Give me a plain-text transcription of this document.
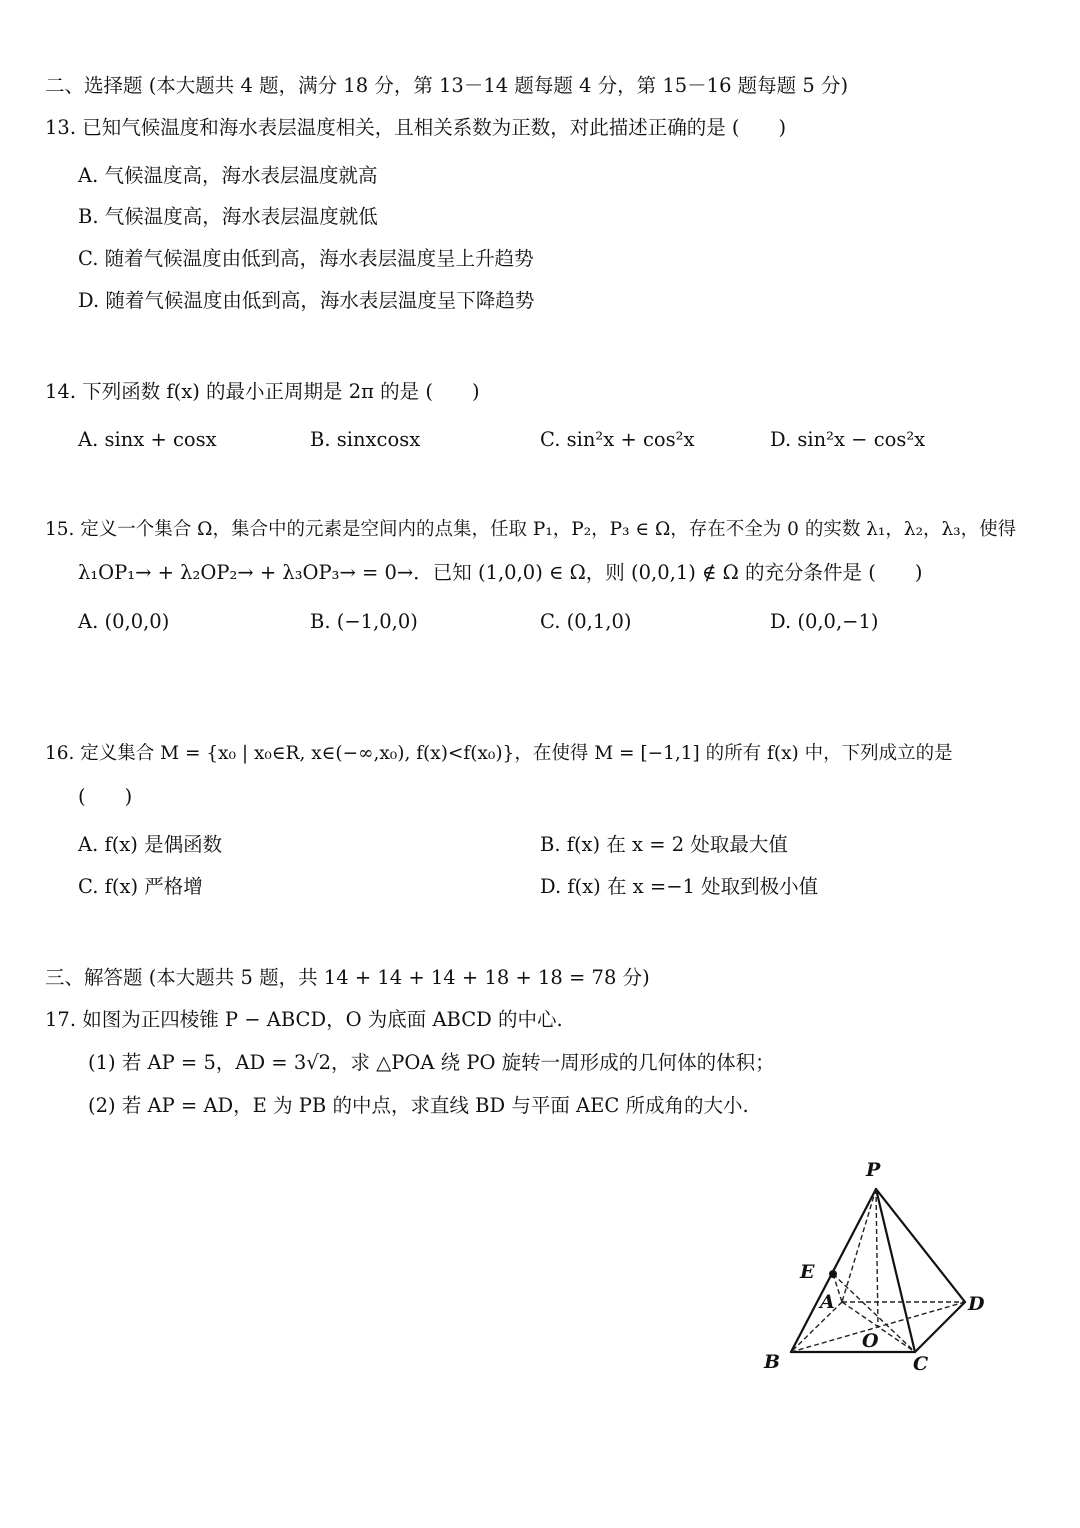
二、选择题 (本大题共 4 题，满分 18 分，第 13－14 题每题 4 分，第 15－16 题每题 5 分)
13. 已知气候温度和海水表层温度相关，且相关系数为正数，对此描述正确的是 (　　)
A. 气候温度高，海水表层温度就高
B. 气候温度高，海水表层温度就低
C. 随着气候温度由低到高，海水表层温度呈上升趋势
D. 随着气候温度由低到高，海水表层温度呈下降趋势
14. 下列函数 f(x) 的最小正周期是 2π 的是 (　　)
A. sinx + cosx	B. sinxcosx	C. sin²x + cos²x	D. sin²x − cos²x
15. 定义一个集合 Ω，集合中的元素是空间内的点集，任取 P₁，P₂，P₃ ∈ Ω，存在不全为 0 的实数 λ₁，λ₂，λ₃，使得
λ₁OP₁→ + λ₂OP₂→ + λ₃OP₃→ = 0→．已知 (1,0,0) ∈ Ω，则 (0,0,1) ∉ Ω 的充分条件是 (　　)
A. (0,0,0)	B. (−1,0,0)	C. (0,1,0)	D. (0,0,−1)
16. 定义集合 M = {x₀ | x₀∈R, x∈(−∞,x₀), f(x)<f(x₀)}，在使得 M = [−1,1] 的所有 f(x) 中，下列成立的是
(　　)
A. f(x) 是偶函数	B. f(x) 在 x = 2 处取最大值
C. f(x) 严格增	D. f(x) 在 x =−1 处取到极小值
三、解答题 (本大题共 5 题，共 14 + 14 + 14 + 18 + 18 = 78 分)
17. 如图为正四棱锥 P − ABCD，O 为底面 ABCD 的中心.
(1) 若 AP = 5，AD = 3√2，求 △POA 绕 PO 旋转一周形成的几何体的体积；
(2) 若 AP = AD，E 为 PB 的中点，求直线 BD 与平面 AEC 所成角的大小.
P
E
A	D
O
B	C
